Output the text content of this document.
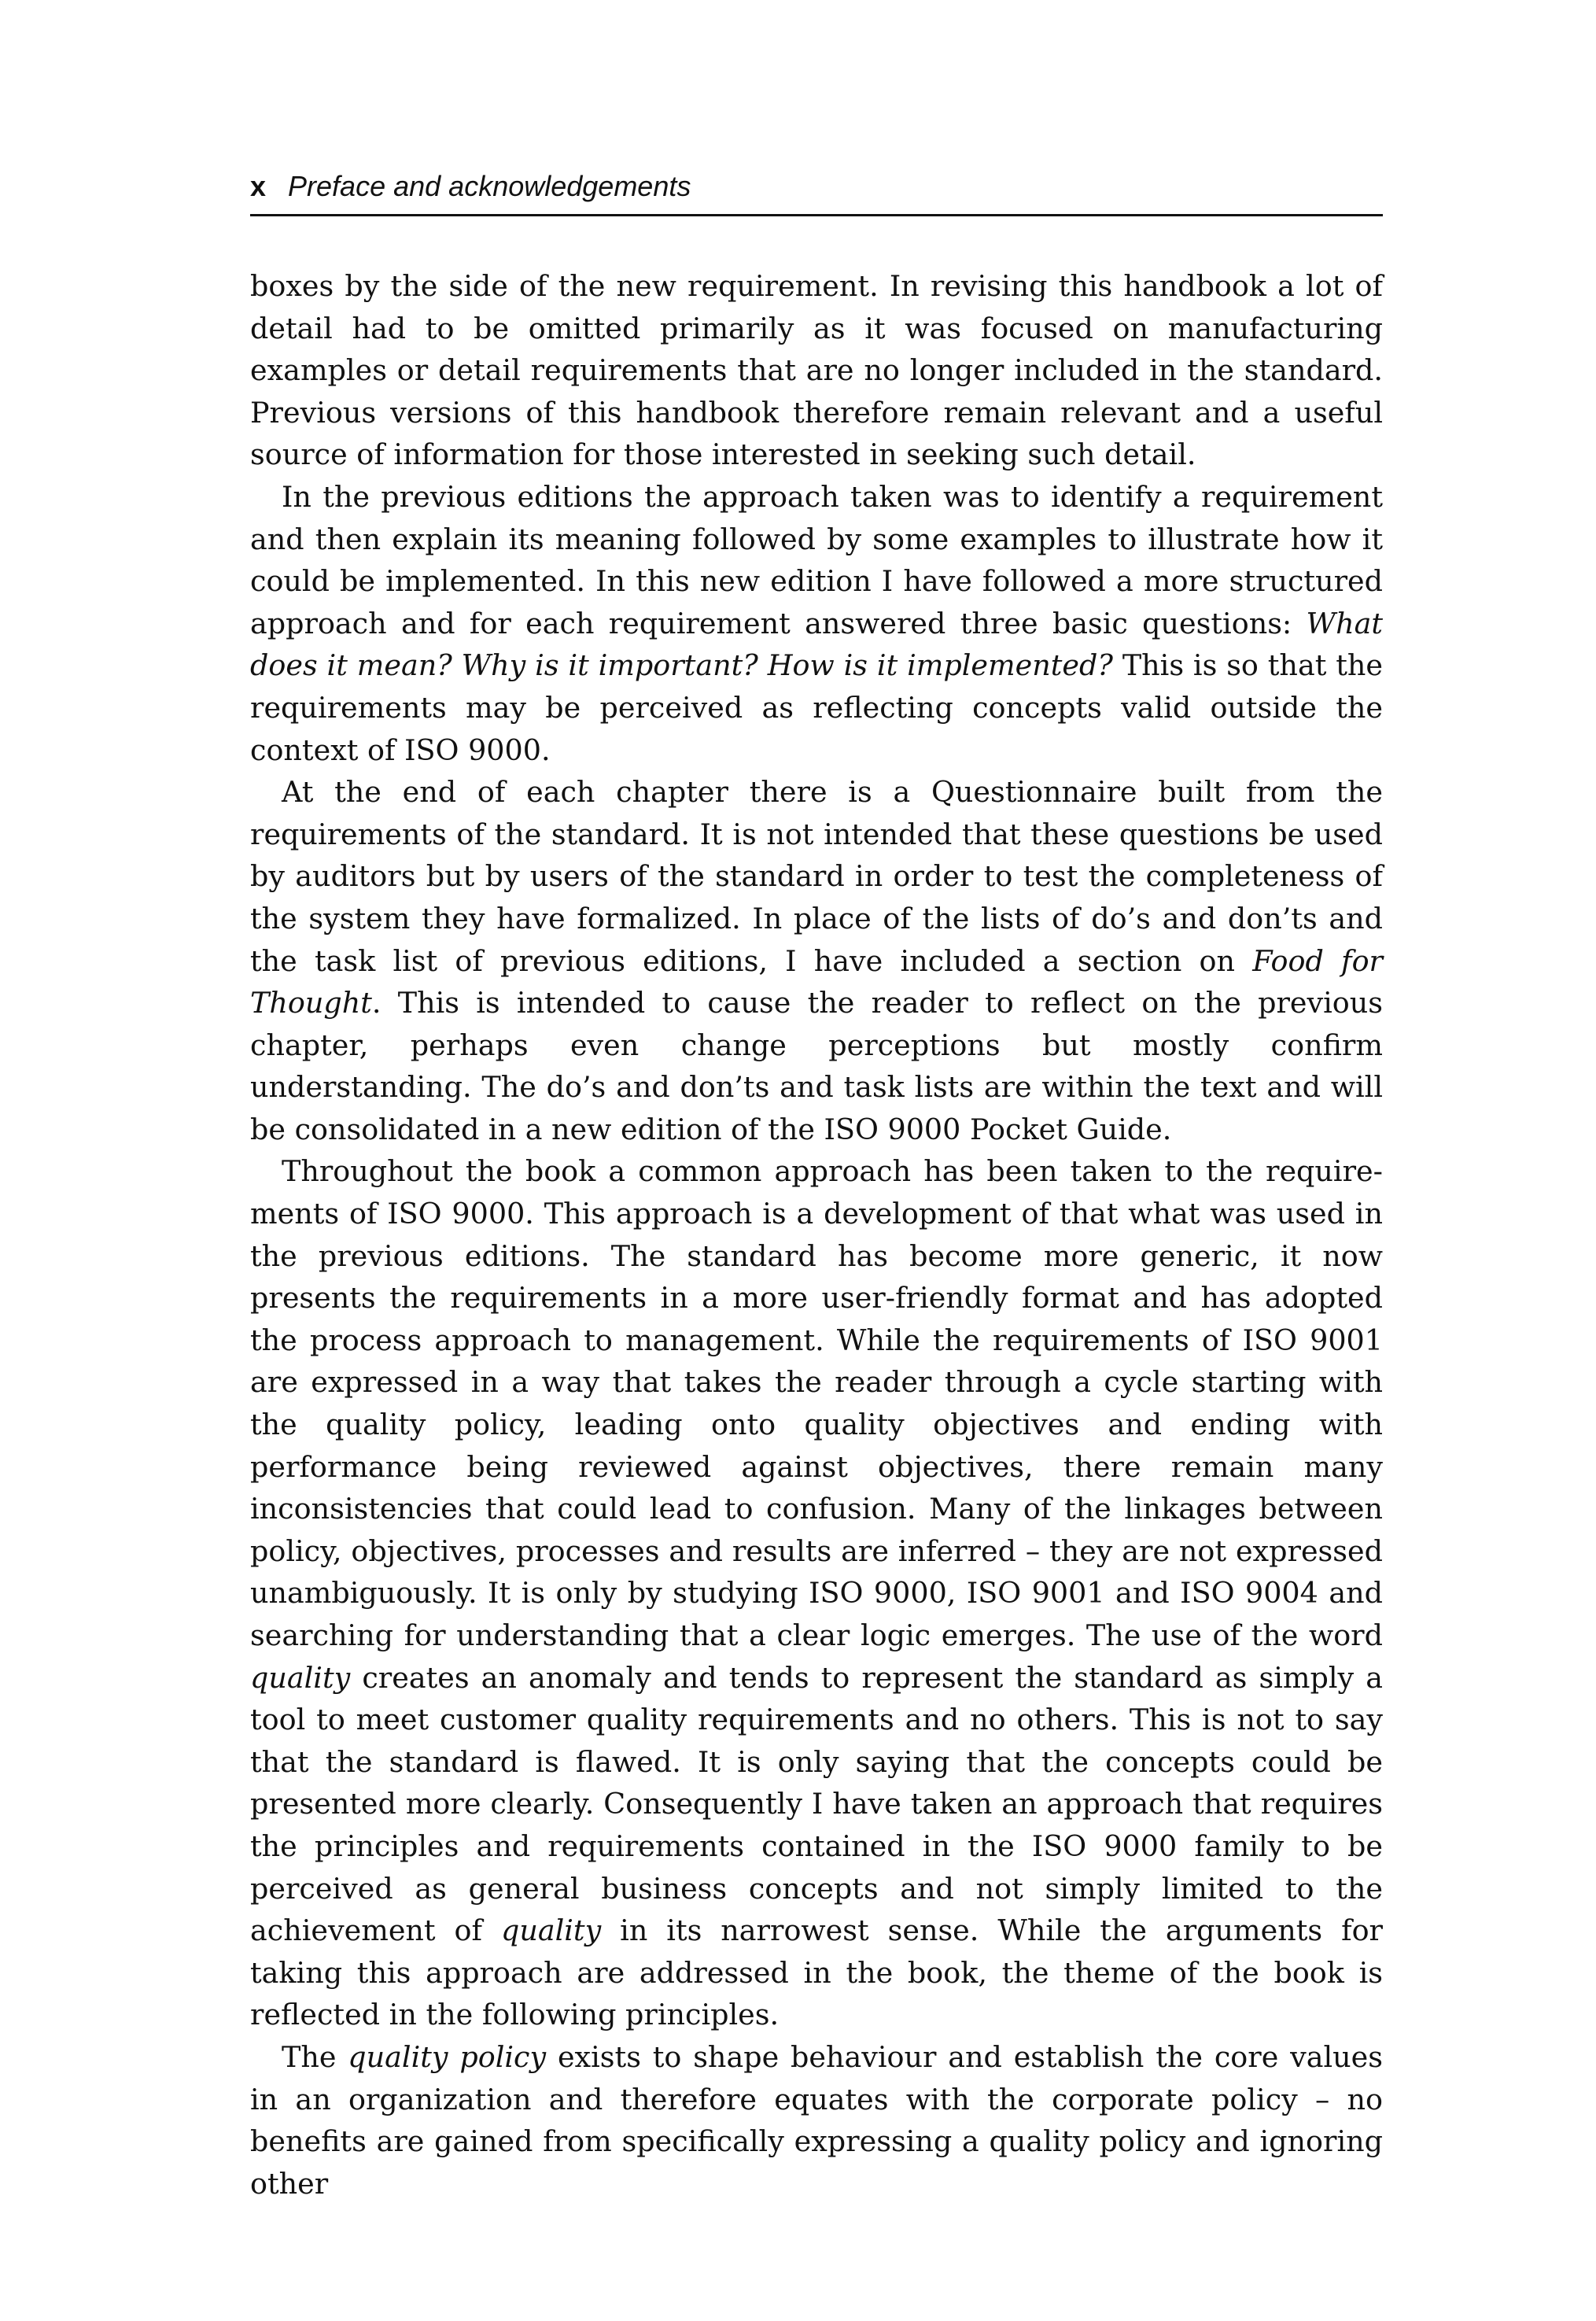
x Preface and acknowledgements

boxes by the side of the new requirement. In revising this handbook a lot of detail had to be omitted primarily as it was focused on manufacturing examples or detail requirements that are no longer included in the standard. Previous versions of this handbook therefore remain relevant and a useful source of information for those interested in seeking such detail.

In the previous editions the approach taken was to identify a requirement and then explain its meaning followed by some examples to illustrate how it could be implemented. In this new edition I have followed a more structured approach and for each requirement answered three basic questions: What does it mean? Why is it important? How is it implemented? This is so that the requirements may be perceived as reflecting concepts valid outside the context of ISO 9000.

At the end of each chapter there is a Questionnaire built from the requirements of the standard. It is not intended that these questions be used by auditors but by users of the standard in order to test the completeness of the system they have formalized. In place of the lists of do’s and don’ts and the task list of previous editions, I have included a section on Food for Thought. This is intended to cause the reader to reflect on the previous chapter, perhaps even change perceptions but mostly confirm understanding. The do’s and don’ts and task lists are within the text and will be consolidated in a new edition of the ISO 9000 Pocket Guide.

Throughout the book a common approach has been taken to the require-ments of ISO 9000. This approach is a development of that what was used in the previous editions. The standard has become more generic, it now presents the requirements in a more user-friendly format and has adopted the process approach to management. While the requirements of ISO 9001 are expressed in a way that takes the reader through a cycle starting with the quality policy, leading onto quality objectives and ending with performance being reviewed against objectives, there remain many inconsistencies that could lead to confusion. Many of the linkages between policy, objectives, processes and results are inferred – they are not expressed unambiguously. It is only by studying ISO 9000, ISO 9001 and ISO 9004 and searching for understanding that a clear logic emerges. The use of the word quality creates an anomaly and tends to represent the standard as simply a tool to meet customer quality requirements and no others. This is not to say that the standard is flawed. It is only saying that the concepts could be presented more clearly. Consequently I have taken an approach that requires the principles and requirements contained in the ISO 9000 family to be perceived as general business concepts and not simply limited to the achievement of quality in its narrowest sense. While the arguments for taking this approach are addressed in the book, the theme of the book is reflected in the following principles.

The quality policy exists to shape behaviour and establish the core values in an organization and therefore equates with the corporate policy – no benefits are gained from specifically expressing a quality policy and ignoring other
